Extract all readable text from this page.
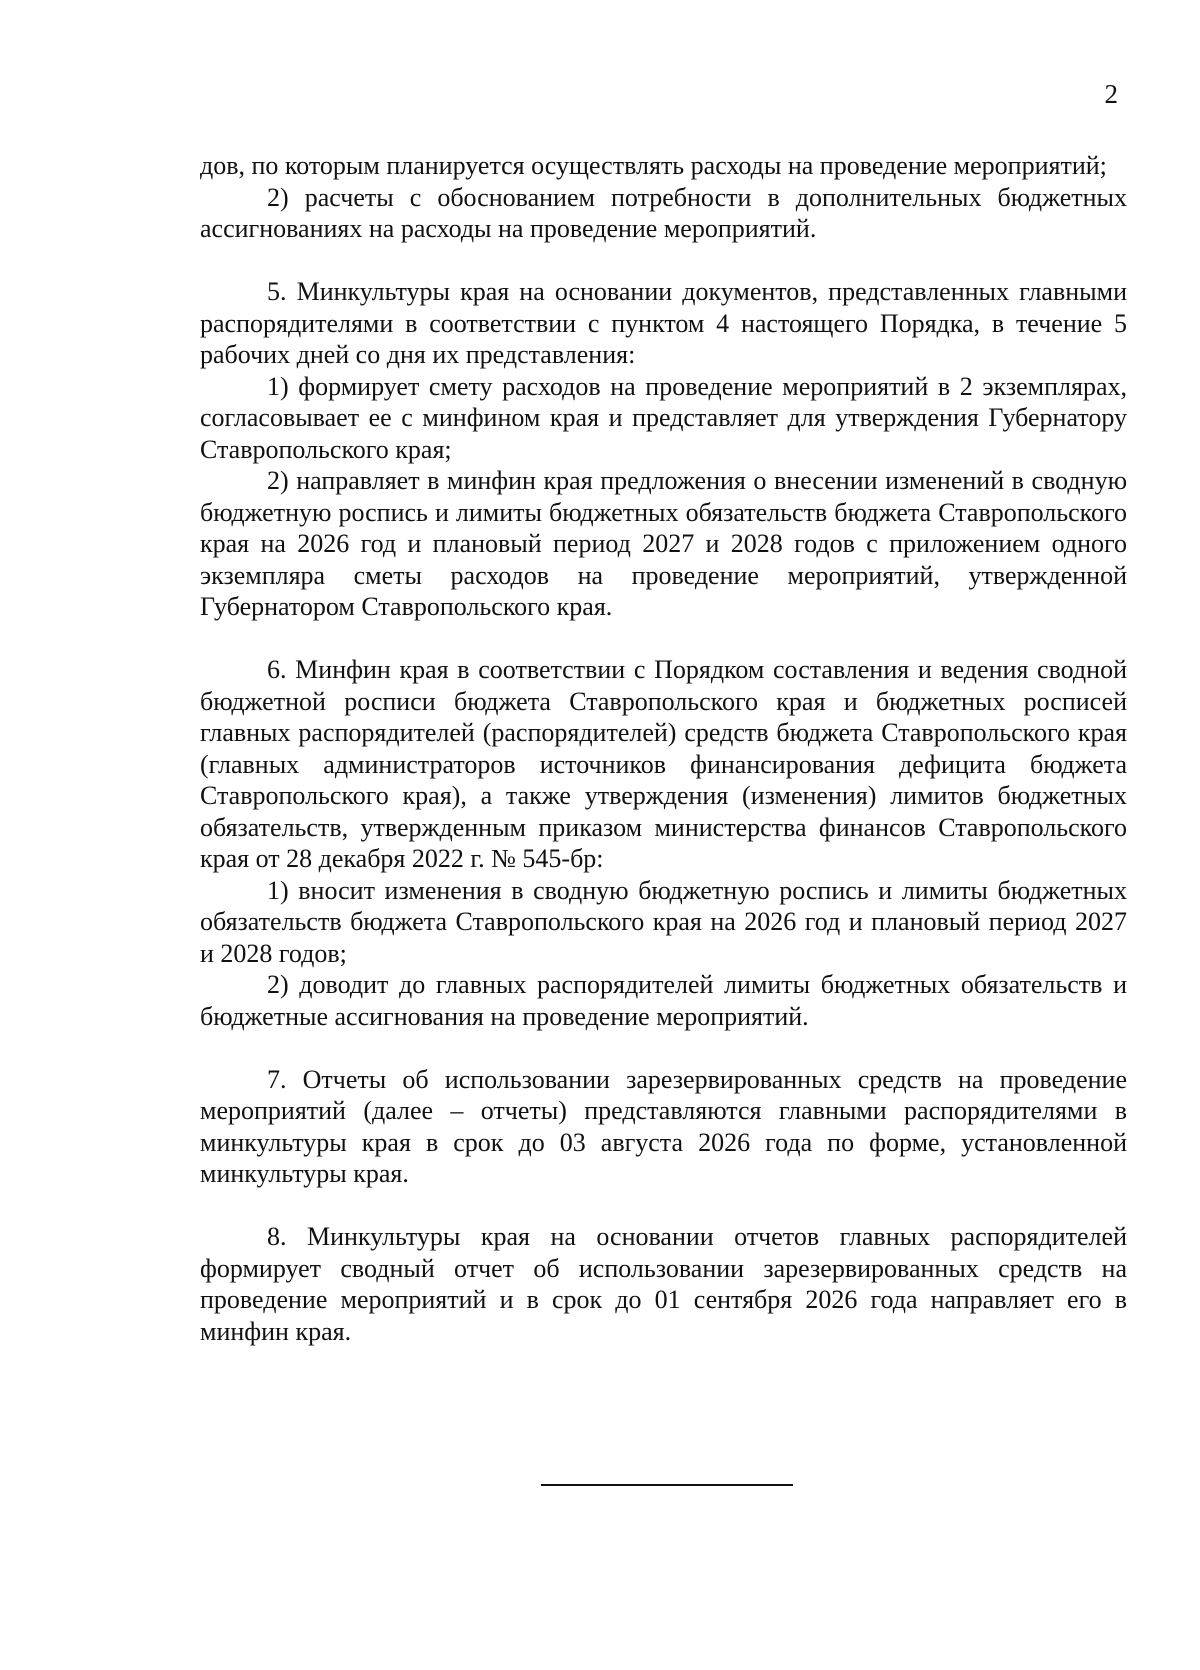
2

дов, по которым планируется осуществлять расходы на проведение мероприятий;

2) расчеты с обоснованием потребности в дополнительных бюджетных ассигнованиях на расходы на проведение мероприятий.

5. Минкультуры края на основании документов, представленных главными распорядителями в соответствии с пунктом 4 настоящего Порядка, в течение 5 рабочих дней со дня их представления:

1) формирует смету расходов на проведение мероприятий в 2 экземплярах, согласовывает ее с минфином края и представляет для утверждения Губернатору Ставропольского края;

2) направляет в минфин края предложения о внесении изменений в сводную бюджетную роспись и лимиты бюджетных обязательств бюджета Ставропольского края на 2026 год и плановый период 2027 и 2028 годов с приложением одного экземпляра сметы расходов на проведение мероприятий, утвержденной Губернатором Ставропольского края.

6. Минфин края в соответствии с Порядком составления и ведения сводной бюджетной росписи бюджета Ставропольского края и бюджетных росписей главных распорядителей (распорядителей) средств бюджета Ставропольского края (главных администраторов источников финансирования дефицита бюджета Ставропольского края), а также утверждения (изменения) лимитов бюджетных обязательств, утвержденным приказом министерства финансов Ставропольского края от 28 декабря 2022 г. № 545-бр:

1) вносит изменения в сводную бюджетную роспись и лимиты бюджетных обязательств бюджета Ставропольского края на 2026 год и плановый период 2027 и 2028 годов;

2) доводит до главных распорядителей лимиты бюджетных обязательств и бюджетные ассигнования на проведение мероприятий.

7. Отчеты об использовании зарезервированных средств на проведение мероприятий (далее – отчеты) представляются главными распорядителями в минкультуры края в срок до 03 августа 2026 года по форме, установленной минкультуры края.

8. Минкультуры края на основании отчетов главных распорядителей формирует сводный отчет об использовании зарезервированных средств на проведение мероприятий и в срок до 01 сентября 2026 года направляет его в минфин края.
